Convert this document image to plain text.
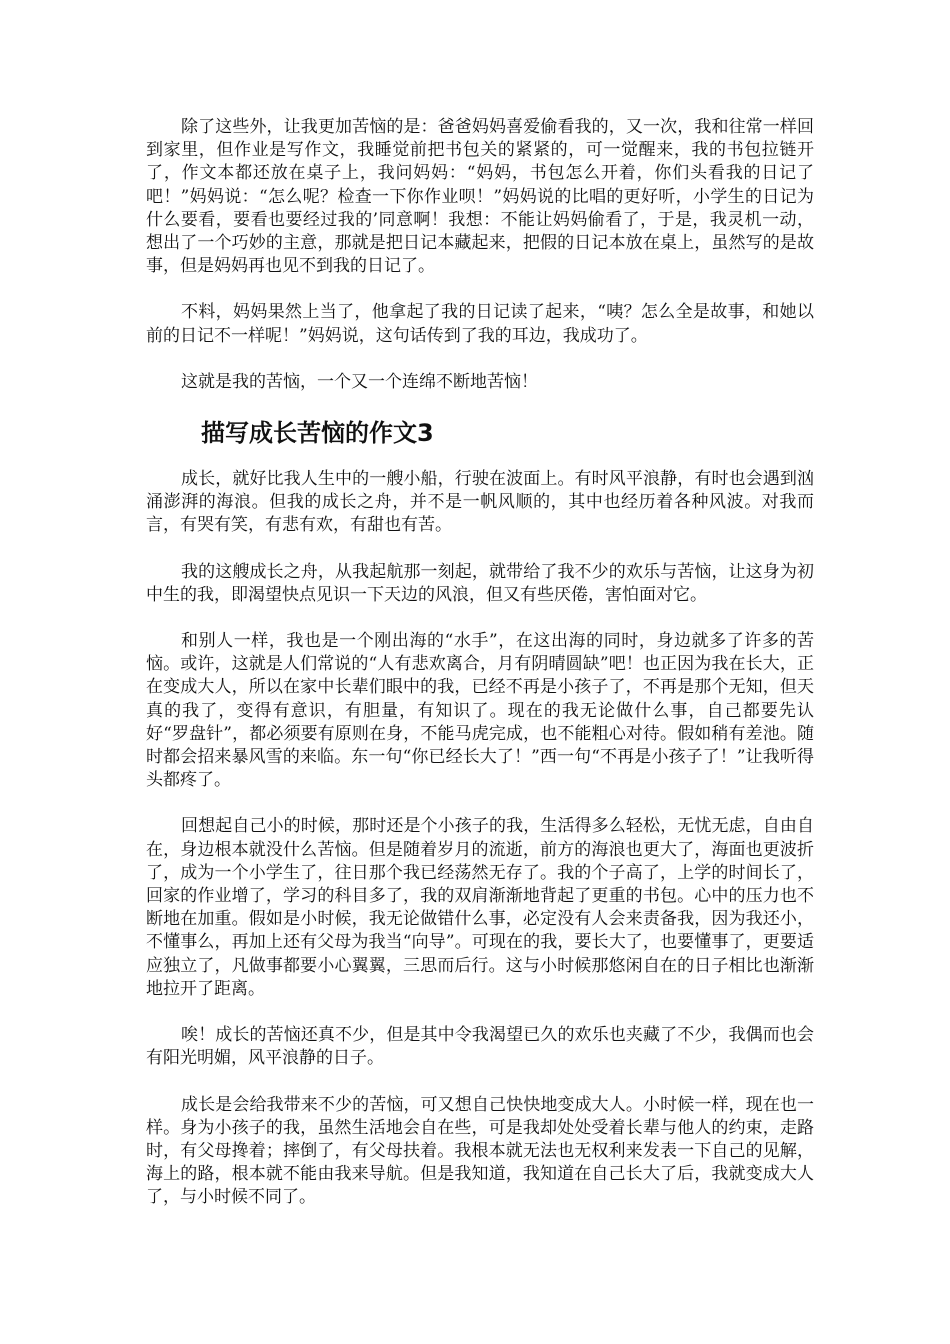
除了这些外，让我更加苦恼的是：爸爸妈妈喜爱偷看我的，又一次，我和往常一样回到家里，但作业是写作文，我睡觉前把书包关的紧紧的，可一觉醒来，我的书包拉链开了，作文本都还放在桌子上，我问妈妈：“妈妈，书包怎么开着，你们头看我的日记了吧！”妈妈说：“怎么呢？检查一下你作业呗！”妈妈说的比唱的更好听，小学生的日记为什么要看，要看也要经过我的’同意啊！我想：不能让妈妈偷看了，于是，我灵机一动，想出了一个巧妙的主意，那就是把日记本藏起来，把假的日记本放在桌上，虽然写的是故事，但是妈妈再也见不到我的日记了。

不料，妈妈果然上当了，他拿起了我的日记读了起来，“咦？怎么全是故事，和她以前的日记不一样呢！”妈妈说，这句话传到了我的耳边，我成功了。

这就是我的苦恼，一个又一个连绵不断地苦恼！

描写成长苦恼的作文3

成长，就好比我人生中的一艘小船，行驶在波面上。有时风平浪静，有时也会遇到汹涌澎湃的海浪。但我的成长之舟，并不是一帆风顺的，其中也经历着各种风波。对我而言，有哭有笑，有悲有欢，有甜也有苦。

我的这艘成长之舟，从我起航那一刻起，就带给了我不少的欢乐与苦恼，让这身为初中生的我，即渴望快点见识一下天边的风浪，但又有些厌倦，害怕面对它。

和别人一样，我也是一个刚出海的“水手”，在这出海的同时，身边就多了许多的苦恼。或许，这就是人们常说的“人有悲欢离合，月有阴晴圆缺”吧！也正因为我在长大，正在变成大人，所以在家中长辈们眼中的我，已经不再是小孩子了，不再是那个无知，但天真的我了，变得有意识，有胆量，有知识了。现在的我无论做什么事，自己都要先认好“罗盘针”，都必须要有原则在身，不能马虎完成，也不能粗心对待。假如稍有差池。随时都会招来暴风雪的来临。东一句“你已经长大了！”西一句“不再是小孩子了！”让我听得头都疼了。

回想起自己小的时候，那时还是个小孩子的我，生活得多么轻松，无忧无虑，自由自在，身边根本就没什么苦恼。但是随着岁月的流逝，前方的海浪也更大了，海面也更波折了，成为一个小学生了，往日那个我已经荡然无存了。我的个子高了，上学的时间长了，回家的作业增了，学习的科目多了，我的双肩渐渐地背起了更重的书包。心中的压力也不断地在加重。假如是小时候，我无论做错什么事，必定没有人会来责备我，因为我还小，不懂事么，再加上还有父母为我当“向导”。可现在的我，要长大了，也要懂事了，更要适应独立了，凡做事都要小心翼翼，三思而后行。这与小时候那悠闲自在的日子相比也渐渐地拉开了距离。

唉！成长的苦恼还真不少，但是其中令我渴望已久的欢乐也夹藏了不少，我偶而也会有阳光明媚，风平浪静的日子。

成长是会给我带来不少的苦恼，可又想自己快快地变成大人。小时候一样，现在也一样。身为小孩子的我，虽然生活地会自在些，可是我却处处受着长辈与他人的约束，走路时，有父母搀着；摔倒了，有父母扶着。我根本就无法也无权利来发表一下自己的见解，海上的路，根本就不能由我来导航。但是我知道，我知道在自己长大了后，我就变成大人了，与小时候不同了。
